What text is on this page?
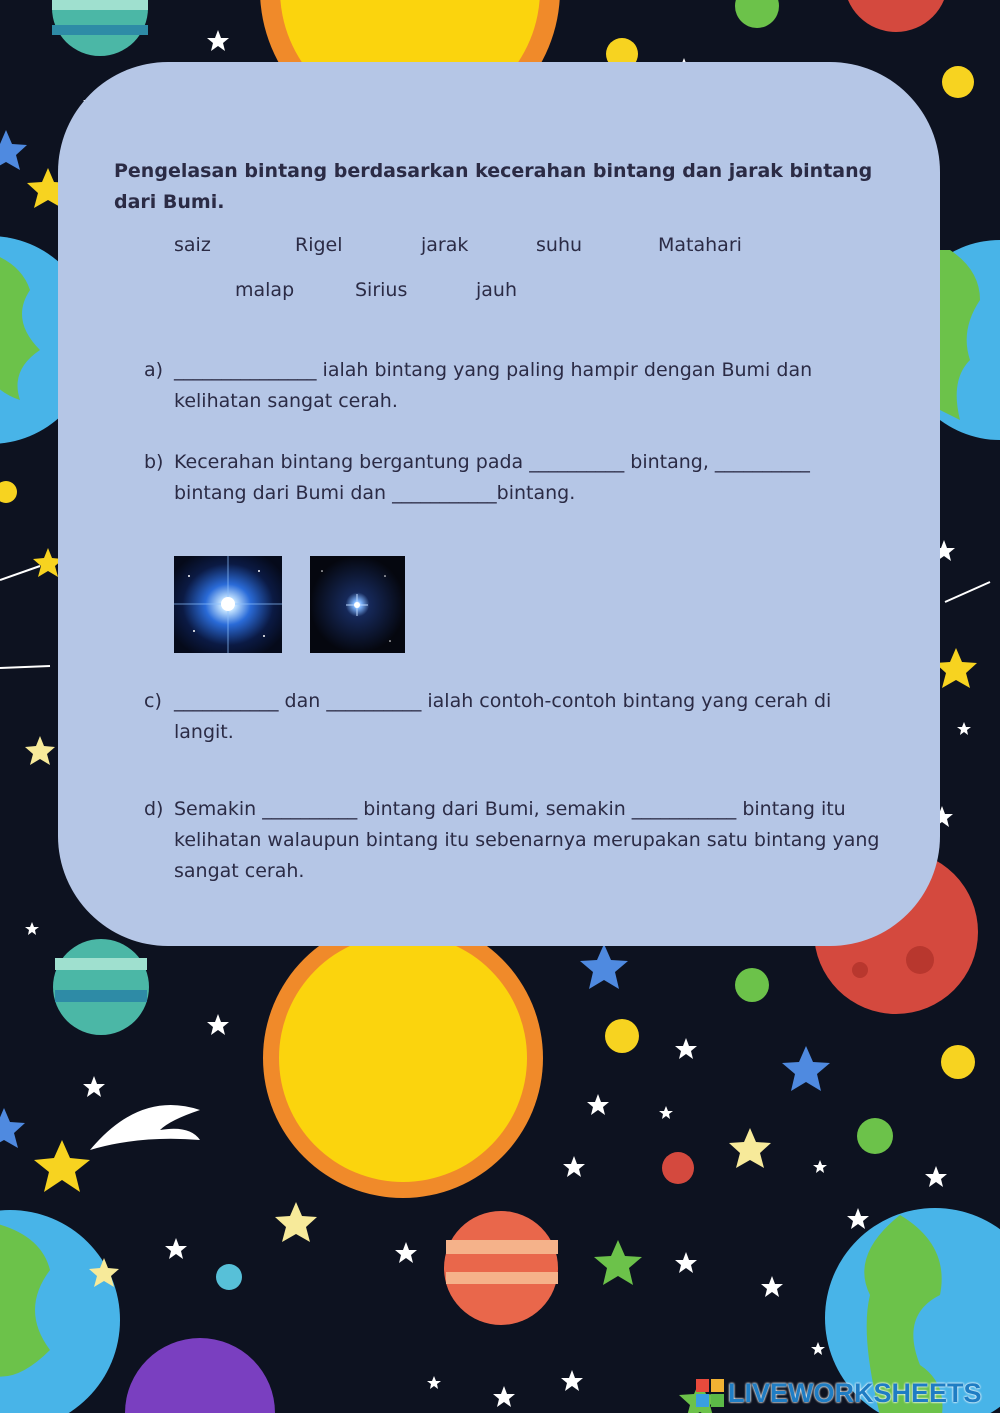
Pengelasan bintang berdasarkan kecerahan bintang dan jarak bintang dari Bumi.
saiz	Rigel	jarak	suhu	Matahari
malap	Sirius	jauh
a) _______________ ialah bintang yang paling hampir dengan Bumi dan kelihatan sangat cerah.
b) Kecerahan bintang bergantung pada __________ bintang, __________ bintang dari Bumi dan ___________bintang.
c) ___________ dan __________ ialah contoh-contoh bintang yang cerah di langit.
d) Semakin __________ bintang dari Bumi, semakin ___________ bintang itu kelihatan walaupun bintang itu sebenarnya merupakan satu bintang yang sangat cerah.
LIVEWORKSHEETS
